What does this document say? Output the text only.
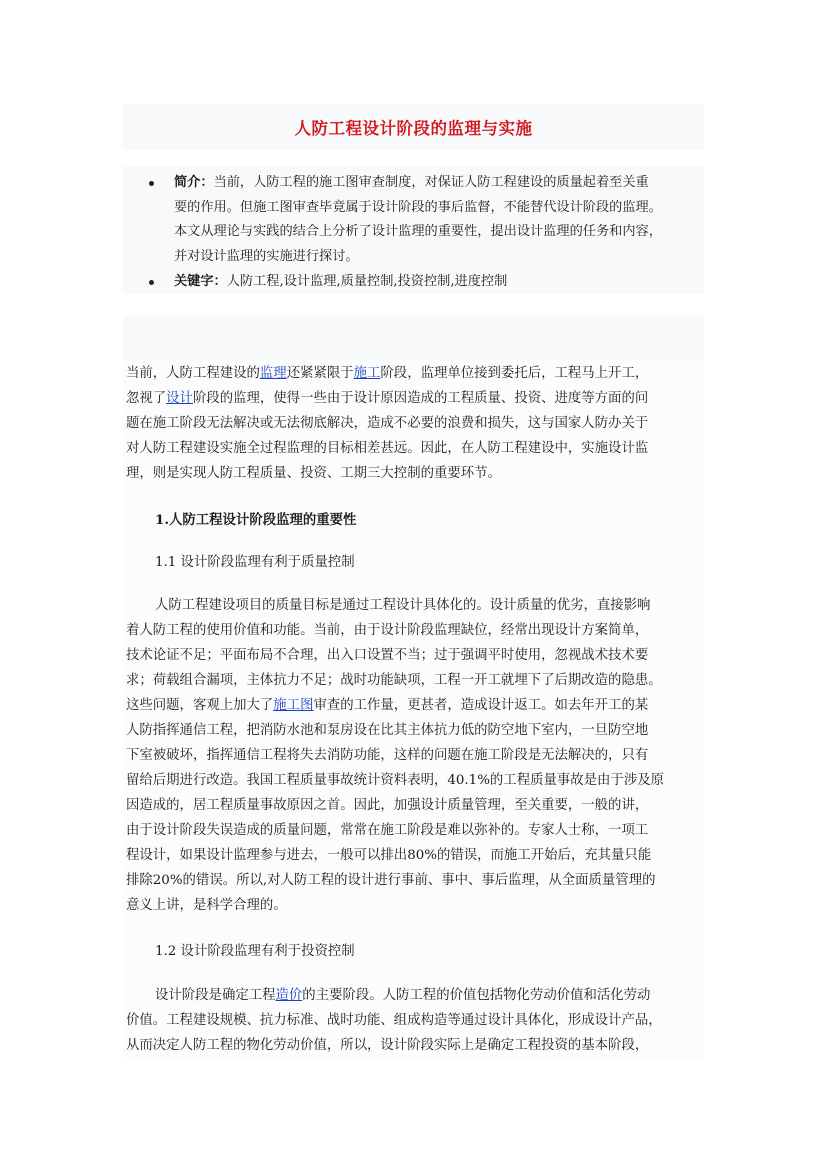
人防工程设计阶段的监理与实施
简介：当前，人防工程的施工图审查制度，对保证人防工程建设的质量起着至关重
要的作用。但施工图审查毕竟属于设计阶段的事后监督，不能替代设计阶段的监理。
本文从理论与实践的结合上分析了设计监理的重要性，提出设计监理的任务和内容，
并对设计监理的实施进行探讨。
关键字：人防工程,设计监理,质量控制,投资控制,进度控制
当前，人防工程建设的监理还紧紧限于施工阶段，监理单位接到委托后，工程马上开工，
忽视了设计阶段的监理，使得一些由于设计原因造成的工程质量、投资、进度等方面的问
题在施工阶段无法解决或无法彻底解决，造成不必要的浪费和损失，这与国家人防办关于
对人防工程建设实施全过程监理的目标相差甚远。因此，在人防工程建设中，实施设计监
理，则是实现人防工程质量、投资、工期三大控制的重要环节。
1.人防工程设计阶段监理的重要性
1.1 设计阶段监理有利于质量控制
人防工程建设项目的质量目标是通过工程设计具体化的。设计质量的优劣，直接影响
着人防工程的使用价值和功能。当前，由于设计阶段监理缺位，经常出现设计方案简单，
技术论证不足；平面布局不合理，出入口设置不当；过于强调平时使用，忽视战术技术要
求；荷载组合漏项，主体抗力不足；战时功能缺项，工程一开工就埋下了后期改造的隐患。
这些问题，客观上加大了施工图审查的工作量，更甚者，造成设计返工。如去年开工的某
人防指挥通信工程，把消防水池和泵房设在比其主体抗力低的防空地下室内，一旦防空地
下室被破坏，指挥通信工程将失去消防功能，这样的问题在施工阶段是无法解决的，只有
留给后期进行改造。我国工程质量事故统计资料表明，40.1%的工程质量事故是由于涉及原
因造成的，居工程质量事故原因之首。因此，加强设计质量管理，至关重要，一般的讲，
由于设计阶段失误造成的质量问题，常常在施工阶段是难以弥补的。专家人士称，一项工
程设计，如果设计监理参与进去，一般可以排出80%的错误，而施工开始后，充其量只能
排除20%的错误。所以,对人防工程的设计进行事前、事中、事后监理，从全面质量管理的
意义上讲，是科学合理的。
1.2 设计阶段监理有利于投资控制
设计阶段是确定工程造价的主要阶段。人防工程的价值包括物化劳动价值和活化劳动
价值。工程建设规模、抗力标准、战时功能、组成构造等通过设计具体化，形成设计产品，
从而决定人防工程的物化劳动价值，所以，设计阶段实际上是确定工程投资的基本阶段，
